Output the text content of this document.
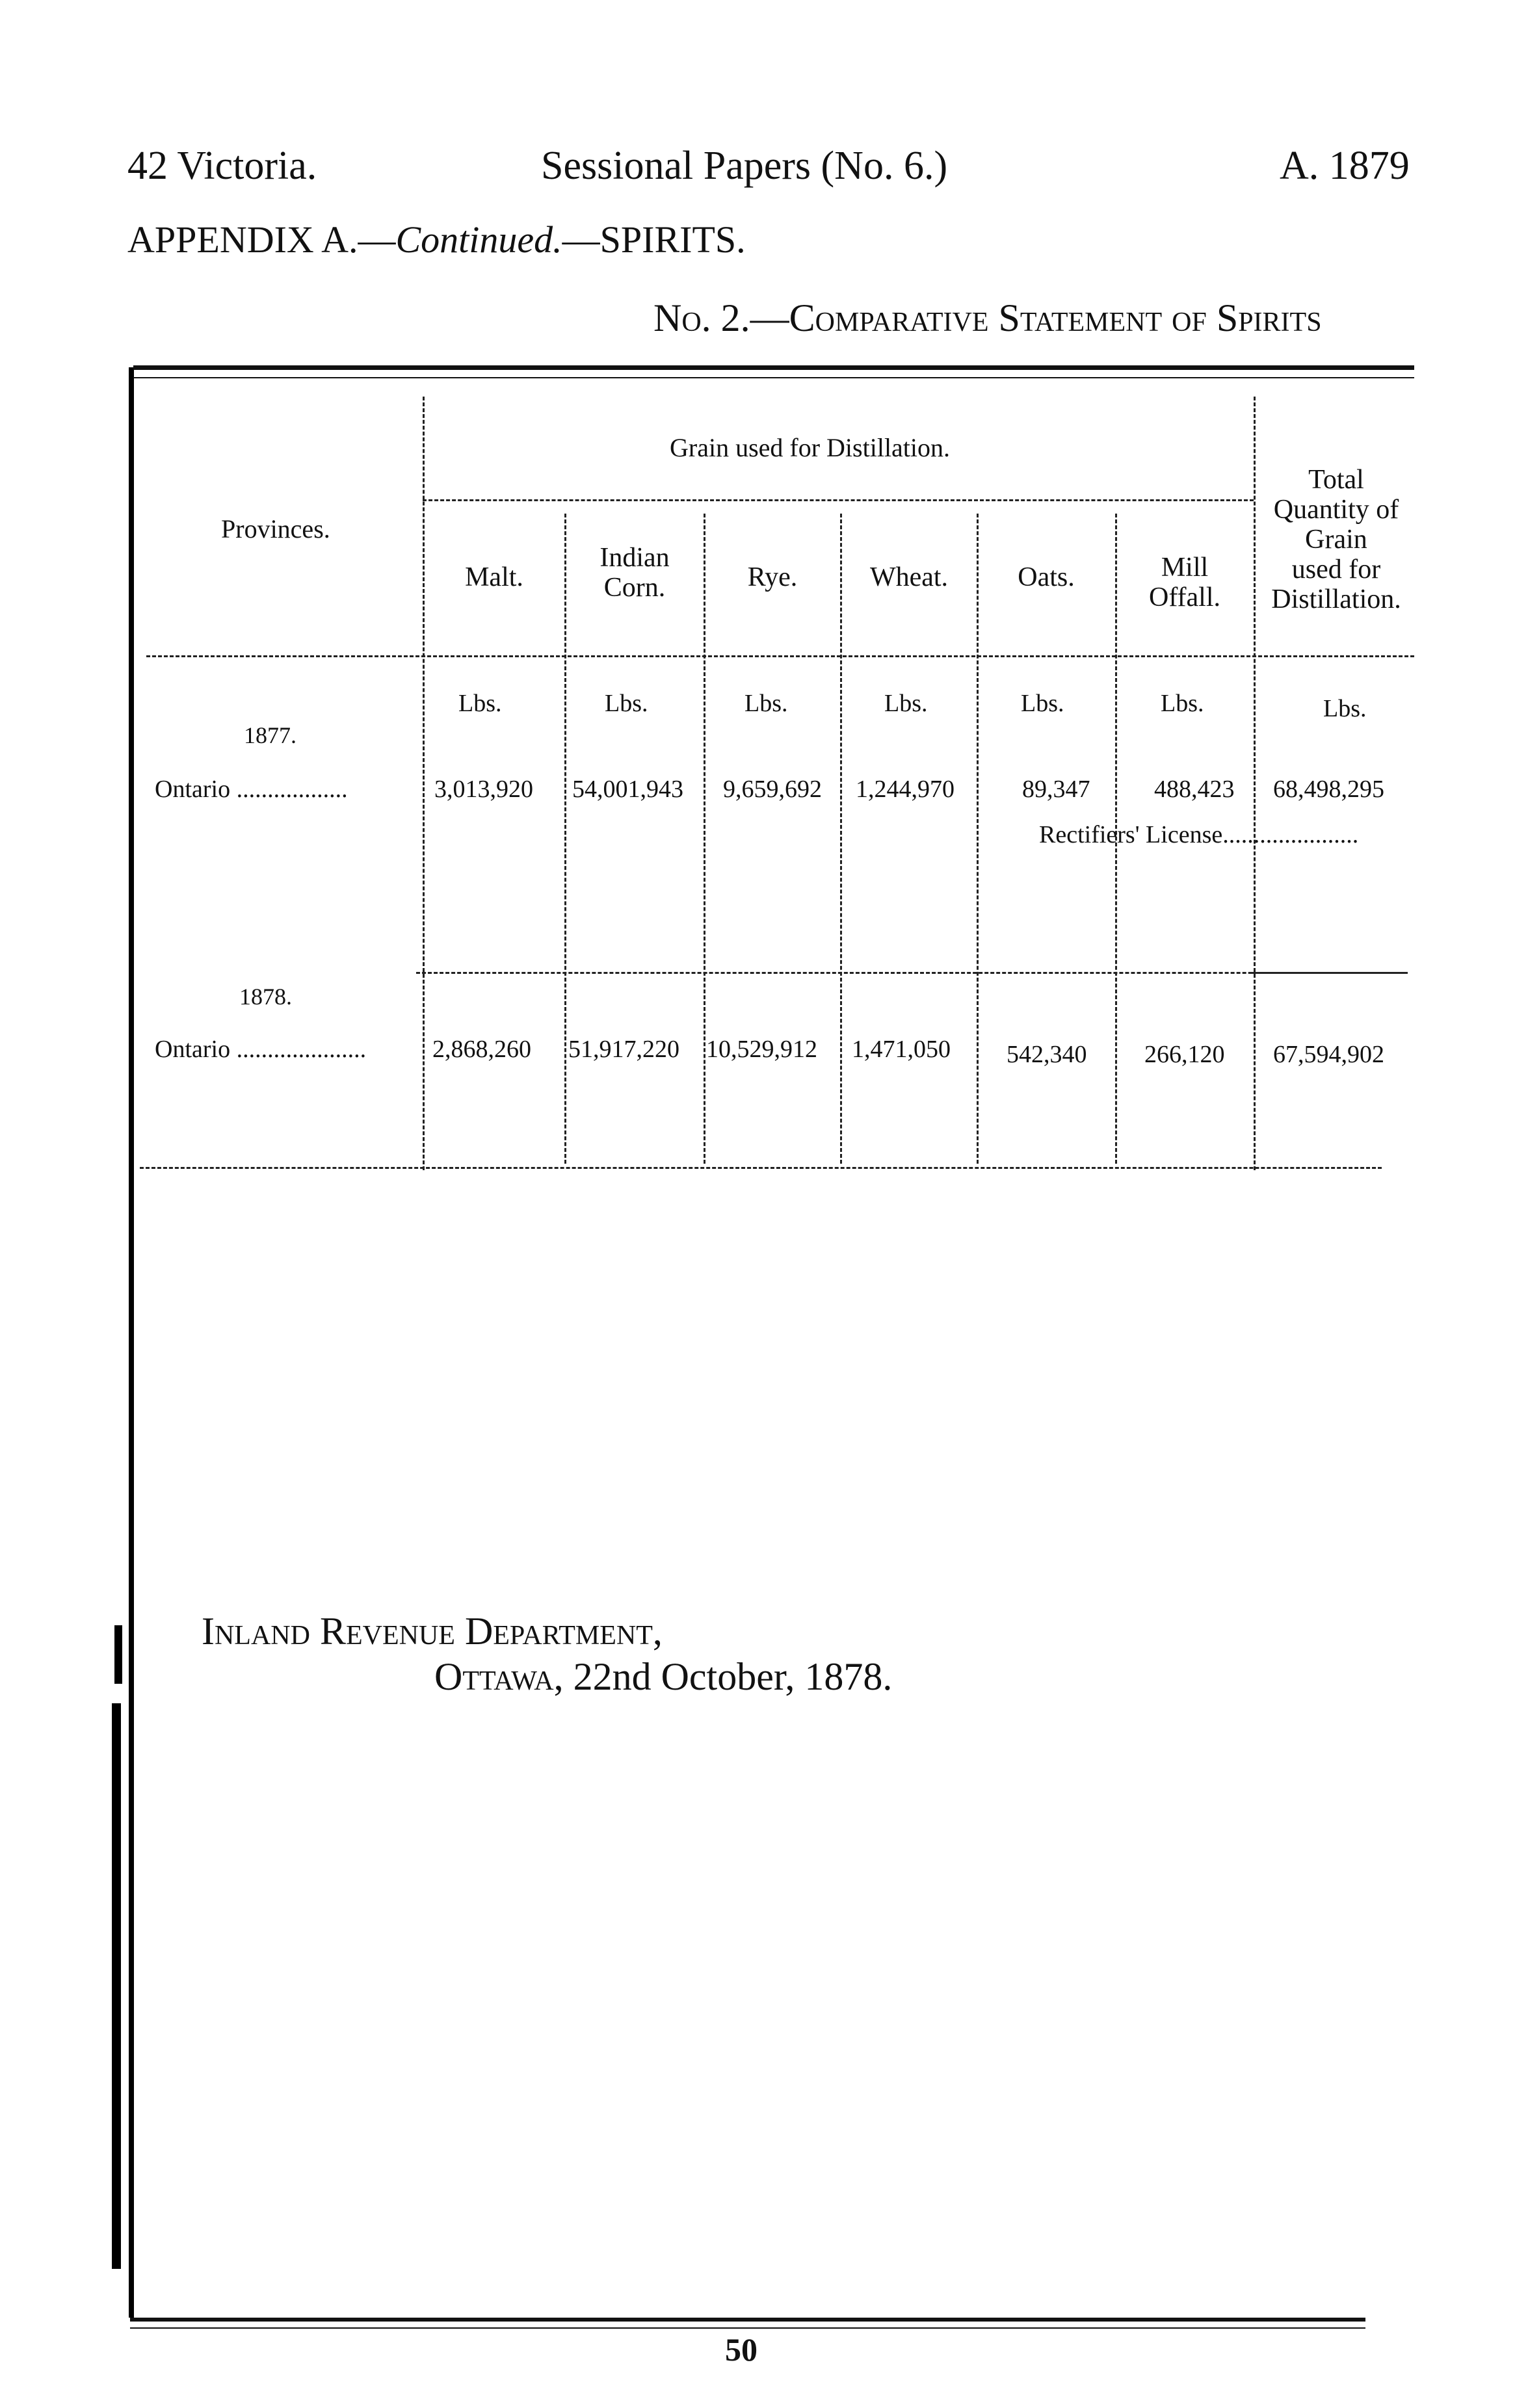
42 Victoria.	Sessional Papers (No. 6.)	A. 1879
APPENDIX A.—Continued.—SPIRITS.
No. 2.—Comparative Statement of Spirits
Provinces.
Grain used for Distillation.
Total
Quantity of
Grain
used for
Distillation.
Malt.
Indian
Corn.	Rye.	Wheat.	Oats.	Mill
Offall.
Lbs.	Lbs.	Lbs.	Lbs.	Lbs.	Lbs.	Lbs.
1877.
Ontario ..................	3,013,920 54,001,943 9,659,692 1,244,970	89,347	488,423 68,498,295
Rectifiers' License......................
1878.
Ontario .....................	2,868,260 51,917,220 10,529,912 1,471,050 542,340 266,120 67,594,902
Inland Revenue Department,
Ottawa, 22nd October, 1878.
50
